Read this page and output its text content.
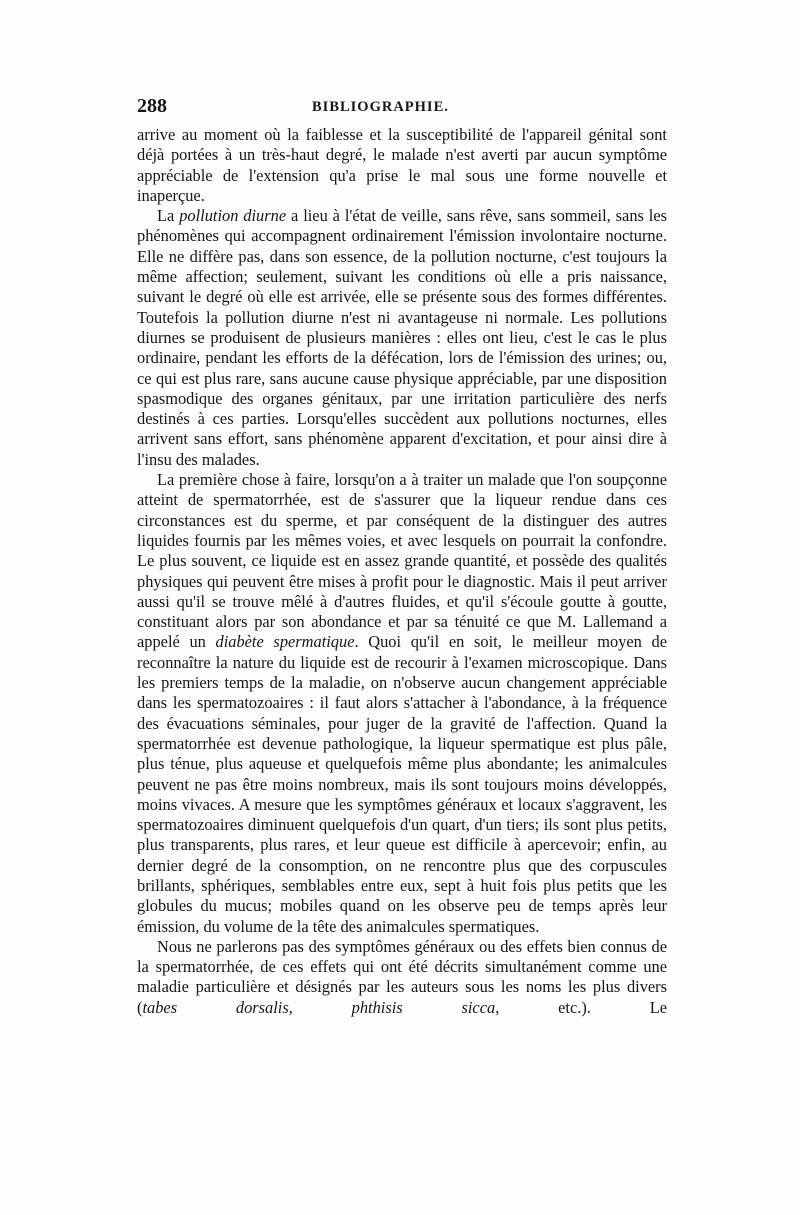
288	BIBLIOGRAPHIE.

arrive au moment où la faiblesse et la susceptibilité de l'appareil génital sont déjà portées à un très-haut degré, le malade n'est averti par aucun symptôme appréciable de l'extension qu'a prise le mal sous une forme nouvelle et inaperçue.

La pollution diurne a lieu à l'état de veille, sans rêve, sans sommeil, sans les phénomènes qui accompagnent ordinairement l'émission involontaire nocturne. Elle ne diffère pas, dans son essence, de la pollution nocturne, c'est toujours la même affection; seulement, suivant les conditions où elle a pris naissance, suivant le degré où elle est arrivée, elle se présente sous des formes différentes. Toutefois la pollution diurne n'est ni avantageuse ni normale. Les pollutions diurnes se produisent de plusieurs manières : elles ont lieu, c'est le cas le plus ordinaire, pendant les efforts de la défécation, lors de l'émission des urines; ou, ce qui est plus rare, sans aucune cause physique appréciable, par une disposition spasmodique des organes génitaux, par une irritation particulière des nerfs destinés à ces parties. Lorsqu'elles succèdent aux pollutions nocturnes, elles arrivent sans effort, sans phénomène apparent d'excitation, et pour ainsi dire à l'insu des malades.

La première chose à faire, lorsqu'on a à traiter un malade que l'on soupçonne atteint de spermatorrhée, est de s'assurer que la liqueur rendue dans ces circonstances est du sperme, et par conséquent de la distinguer des autres liquides fournis par les mêmes voies, et avec lesquels on pourrait la confondre. Le plus souvent, ce liquide est en assez grande quantité, et possède des qualités physiques qui peuvent être mises à profit pour le diagnostic. Mais il peut arriver aussi qu'il se trouve mêlé à d'autres fluides, et qu'il s'écoule goutte à goutte, constituant alors par son abondance et par sa ténuité ce que M. Lallemand a appelé un diabète spermatique. Quoi qu'il en soit, le meilleur moyen de reconnaître la nature du liquide est de recourir à l'examen microscopique. Dans les premiers temps de la maladie, on n'observe aucun changement appréciable dans les spermatozoaires : il faut alors s'attacher à l'abondance, à la fréquence des évacuations séminales, pour juger de la gravité de l'affection. Quand la spermatorrhée est devenue pathologique, la liqueur spermatique est plus pâle, plus ténue, plus aqueuse et quelquefois même plus abondante; les animalcules peuvent ne pas être moins nombreux, mais ils sont toujours moins développés, moins vivaces. A mesure que les symptômes généraux et locaux s'aggravent, les spermatozoaires diminuent quelquefois d'un quart, d'un tiers; ils sont plus petits, plus transparents, plus rares, et leur queue est difficile à apercevoir; enfin, au dernier degré de la consomption, on ne rencontre plus que des corpuscules brillants, sphériques, semblables entre eux, sept à huit fois plus petits que les globules du mucus; mobiles quand on les observe peu de temps après leur émission, du volume de la tête des animalcules spermatiques.

Nous ne parlerons pas des symptômes généraux ou des effets bien connus de la spermatorrhée, de ces effets qui ont été décrits simultanément comme une maladie particulière et désignés par les auteurs sous les noms les plus divers (tabes dorsalis, phthisis sicca, etc.). Le
